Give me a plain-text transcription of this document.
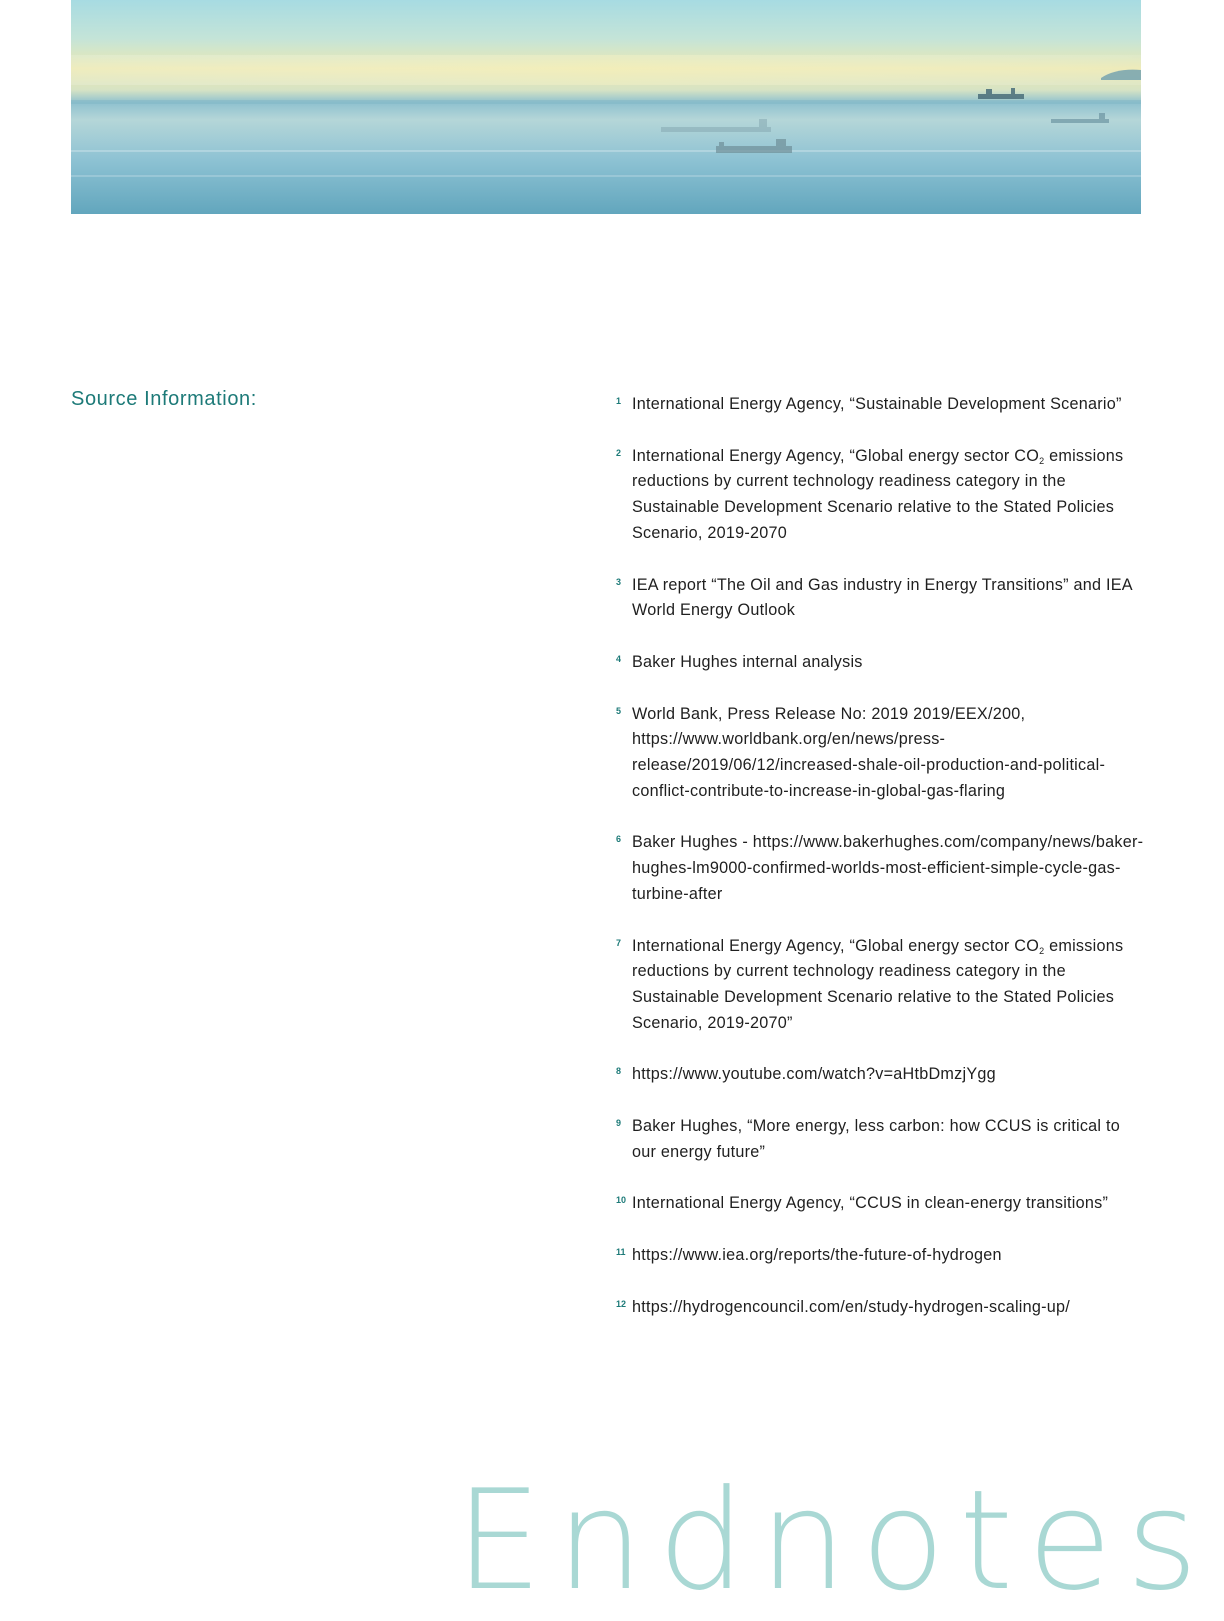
Source Information:	1 International Energy Agency, “Sustainable Development Scenario”
2 International Energy Agency, “Global energy sector $CO_2$ emissions reductions by current technology readiness category in the Sustainable Development Scenario relative to the Stated Policies Scenario, 2019-2070
3 IEA report “The Oil and Gas industry in Energy Transitions” and IEA World Energy Outlook
4 Baker Hughes internal analysis
5 World Bank, Press Release No: 2019 2019/EEX/200, https://www.worldbank.org/en/news/press-release/2019/06/12/increased-shale-oil-production-and-political-conflict-contribute-to-increase-in-global-gas-flaring
6 Baker Hughes - https://www.bakerhughes.com/company/news/baker-hughes-lm9000-confirmed-worlds-most-efficient-simple-cycle-gas-turbine-after
7 International Energy Agency, “Global energy sector $CO_2$ emissions reductions by current technology readiness category in the Sustainable Development Scenario relative to the Stated Policies Scenario, 2019-2070”
8 https://www.youtube.com/watch?v=aHtbDmzjYgg
9 Baker Hughes, “More energy, less carbon: how CCUS is critical to our energy future”
10 International Energy Agency, “CCUS in clean-energy transitions”
11 https://www.iea.org/reports/the-future-of-hydrogen
12 https://hydrogencouncil.com/en/study-hydrogen-scaling-up/
Endnotes
